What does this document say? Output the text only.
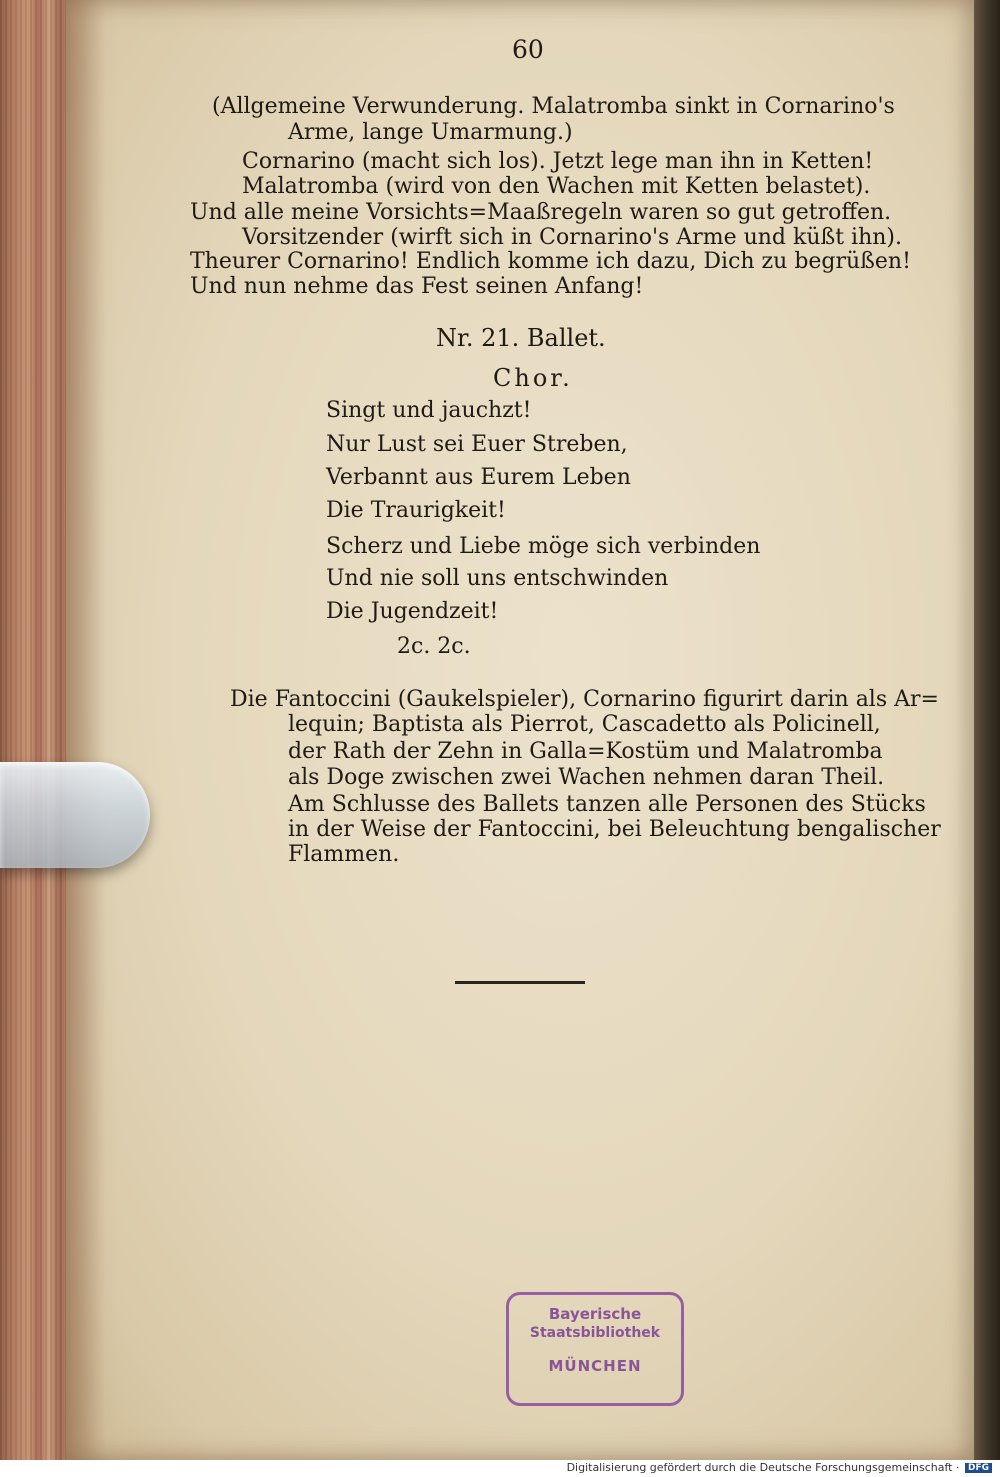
60

(Allgemeine Verwunderung. Malatromba sinkt in Cornarino's

Arme, lange Umarmung.)

Cornarino (macht sich los). Jetzt lege man ihn in Ketten!

Malatromba (wird von den Wachen mit Ketten belastet).

Und alle meine Vorsichts=Maaßregeln waren so gut getroffen.

Vorsitzender (wirft sich in Cornarino's Arme und küßt ihn).

Theurer Cornarino! Endlich komme ich dazu, Dich zu begrüßen!

Und nun nehme das Fest seinen Anfang!

Nr. 21. Ballet.

Chor.

Singt und jauchzt!

Nur Lust sei Euer Streben,

Verbannt aus Eurem Leben

Die Traurigkeit!

Scherz und Liebe möge sich verbinden

Und nie soll uns entschwinden

Die Jugendzeit!

2c. 2c.

Die Fantoccini (Gaukelspieler), Cornarino figurirt darin als Ar=

lequin; Baptista als Pierrot, Cascadetto als Policinell,

der Rath der Zehn in Galla=Kostüm und Malatromba

als Doge zwischen zwei Wachen nehmen daran Theil.

Am Schlusse des Ballets tanzen alle Personen des Stücks

in der Weise der Fantoccini, bei Beleuchtung bengalischer

Flammen.

Bayerische
Staatsbibliothek
MÜNCHEN
Digitalisierung gefördert durch die Deutsche Forschungsgemeinschaft · DFG
